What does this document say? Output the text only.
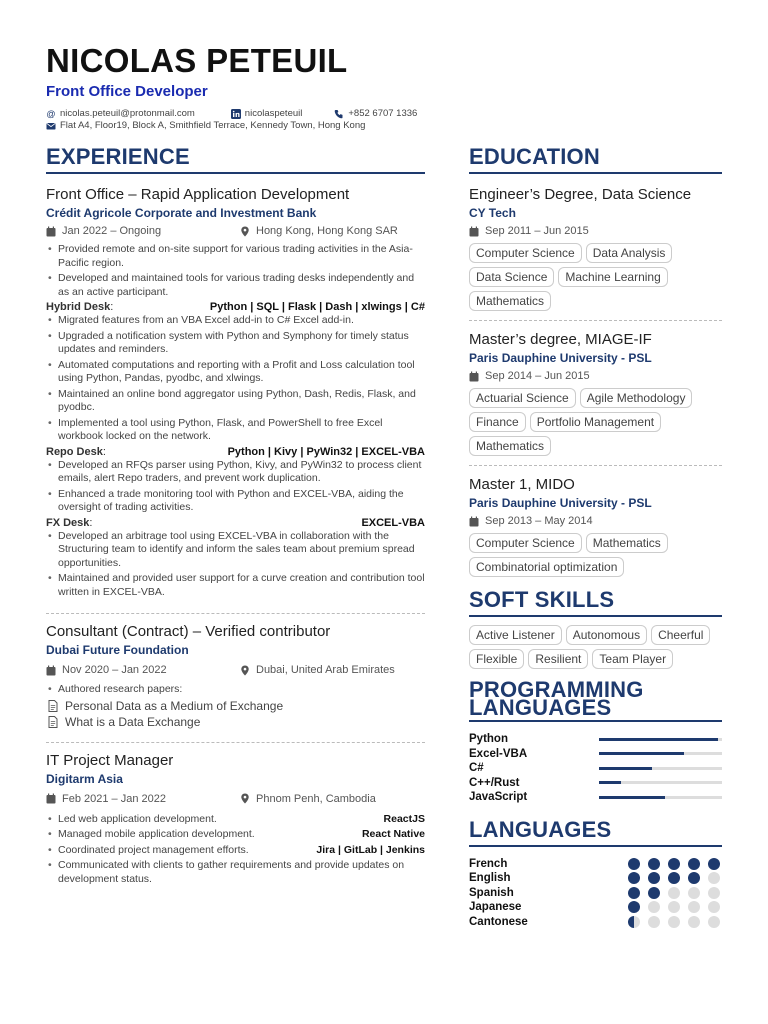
NICOLAS PETEUIL
Front Office Developer
@ nicolas.peteuil@protonmail.com	nicolaspeteuil	+852 6707 1336
Flat A4, Floor19, Block A, Smithfield Terrace, Kennedy Town, Hong Kong
EXPERIENCE
Front Office – Rapid Application Development
Crédit Agricole Corporate and Investment Bank
Jan 2022 – Ongoing	Hong Kong, Hong Kong SAR
• Provided remote and on-site support for various trading activities in the Asia-Pacific region.
• Developed and maintained tools for various trading desks independently and as an active participant.
Hybrid Desk:	Python | SQL | Flask | Dash | xlwings | C#
• Migrated features from an VBA Excel add-in to C# Excel add-in.
• Upgraded a notification system with Python and Symphony for timely status updates and reminders.
• Automated computations and reporting with a Profit and Loss calculation tool using Python, Pandas, pyodbc, and xlwings.
• Maintained an online bond aggregator using Python, Dash, Redis, Flask, and pyodbc.
• Implemented a tool using Python, Flask, and PowerShell to free Excel workbook locked on the network.
Repo Desk:	Python | Kivy | PyWin32 | EXCEL-VBA
• Developed an RFQs parser using Python, Kivy, and PyWin32 to process client emails, alert Repo traders, and prevent work duplication.
• Enhanced a trade monitoring tool with Python and EXCEL-VBA, aiding the oversight of trading activities.
FX Desk:	EXCEL-VBA
• Developed an arbitrage tool using EXCEL-VBA in collaboration with the Structuring team to identify and inform the sales team about premium spread opportunities.
• Maintained and provided user support for a curve creation and contribution tool written in EXCEL-VBA.
Consultant (Contract) – Verified contributor
Dubai Future Foundation
Nov 2020 – Jan 2022	Dubai, United Arab Emirates
• Authored research papers:
Personal Data as a Medium of Exchange
What is a Data Exchange
IT Project Manager
Digitarm Asia
Feb 2021 – Jan 2022	Phnom Penh, Cambodia
• Led web application development.	ReactJS
• Managed mobile application development.	React Native
• Coordinated project management efforts.	Jira | GitLab | Jenkins
• Communicated with clients to gather requirements and provide updates on development status.
EDUCATION
Engineer’s Degree, Data Science
CY Tech
Sep 2011 – Jun 2015
Computer Science	Data Analysis
Data Science	Machine Learning
Mathematics
Master’s degree, MIAGE-IF
Paris Dauphine University - PSL
Sep 2014 – Jun 2015
Actuarial Science	Agile Methodology
Finance	Portfolio Management
Mathematics
Master 1, MIDO
Paris Dauphine University - PSL
Sep 2013 – May 2014
Computer Science	Mathematics
Combinatorial optimization
SOFT SKILLS
Active Listener	Autonomous	Cheerful
Flexible	Resilient	Team Player
PROGRAMMING
LANGUAGES
Python
Excel-VBA
C#
C++/Rust
JavaScript
LANGUAGES
French
English
Spanish
Japanese
Cantonese
